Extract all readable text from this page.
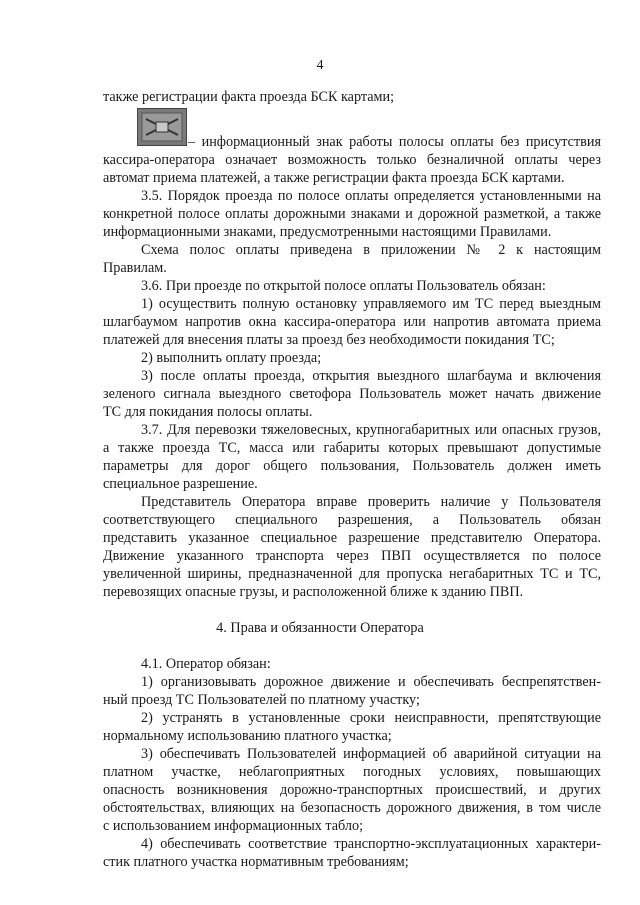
4
также регистрации факта проезда БСК картами;
– информационный знак работы полосы оплаты без присутствия
кассира-оператора означает возможность только безналичной оплаты через
автомат приема платежей, а также регистрации факта проезда БСК картами.
3.5. Порядок проезда по полосе оплаты определяется установленными на
конкретной полосе оплаты дорожными знаками и дорожной разметкой, а также
информационными знаками, предусмотренными настоящими Правилами.
Схема полос оплаты приведена в приложении № 2 к настоящим
Правилам.
3.6. При проезде по открытой полосе оплаты Пользователь обязан:
1) осуществить полную остановку управляемого им ТС перед выездным
шлагбаумом напротив окна кассира-оператора или напротив автомата приема
платежей для внесения платы за проезд без необходимости покидания ТС;
2) выполнить оплату проезда;
3) после оплаты проезда, открытия выездного шлагбаума и включения
зеленого сигнала выездного светофора Пользователь может начать движение
ТС для покидания полосы оплаты.
3.7. Для перевозки тяжеловесных, крупногабаритных или опасных грузов,
а также проезда ТС, масса или габариты которых превышают допустимые
параметры для дорог общего пользования, Пользователь должен иметь
специальное разрешение.
Представитель Оператора вправе проверить наличие у Пользователя
соответствующего специального разрешения, а Пользователь обязан
представить указанное специальное разрешение представителю Оператора.
Движение указанного транспорта через ПВП осуществляется по полосе
увеличенной ширины, предназначенной для пропуска негабаритных ТС и ТС,
перевозящих опасные грузы, и расположенной ближе к зданию ПВП.
4. Права и обязанности Оператора
4.1. Оператор обязан:
1) организовывать дорожное движение и обеспечивать беспрепятствен-
ный проезд ТС Пользователей по платному участку;
2) устранять в установленные сроки неисправности, препятствующие
нормальному использованию платного участка;
3) обеспечивать Пользователей информацией об аварийной ситуации на
платном участке, неблагоприятных погодных условиях, повышающих
опасность возникновения дорожно-транспортных происшествий, и других
обстоятельствах, влияющих на безопасность дорожного движения, в том числе
с использованием информационных табло;
4) обеспечивать соответствие транспортно-эксплуатационных характери-
стик платного участка нормативным требованиям;
